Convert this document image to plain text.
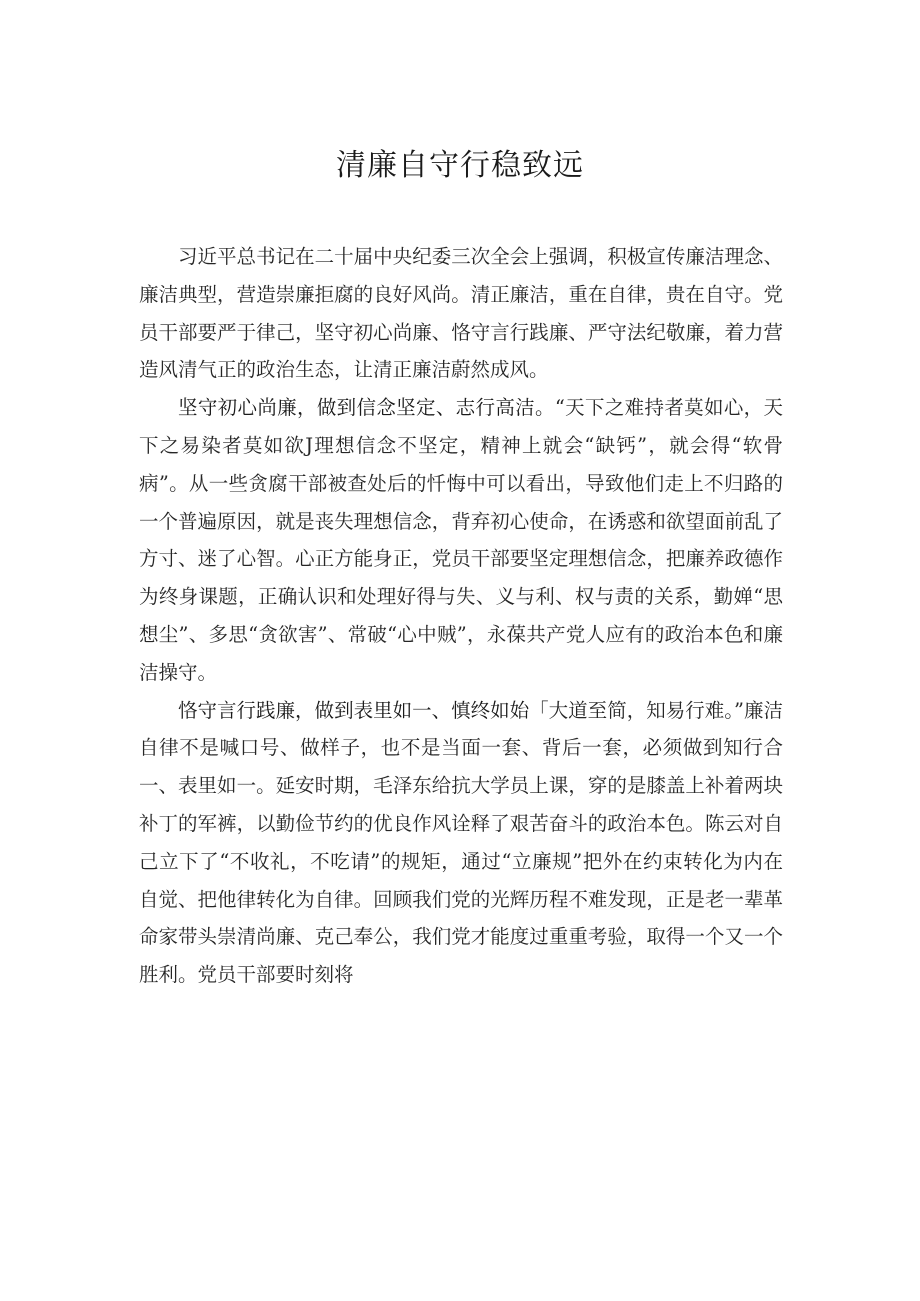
清廉自守行稳致远

习近平总书记在二十届中央纪委三次全会上强调，积极宣传廉洁理念、廉洁典型，营造崇廉拒腐的良好风尚。清正廉洁，重在自律，贵在自守。党员干部要严于律己，坚守初心尚廉、恪守言行践廉、严守法纪敬廉，着力营造风清气正的政治生态，让清正廉洁蔚然成风。

坚守初心尚廉，做到信念坚定、志行高洁。“天下之难持者莫如心，天下之易染者莫如欲J理想信念不坚定，精神上就会“缺钙”，就会得“软骨病”。从一些贪腐干部被查处后的忏悔中可以看出，导致他们走上不归路的一个普遍原因，就是丧失理想信念，背弃初心使命，在诱惑和欲望面前乱了方寸、迷了心智。心正方能身正，党员干部要坚定理想信念，把廉养政德作为终身课题，正确认识和处理好得与失、义与利、权与责的关系，勤婵“思想尘”、多思“贪欲害”、常破“心中贼”，永葆共产党人应有的政治本色和廉洁操守。

恪守言行践廉，做到表里如一、慎终如始「大道至简，知易行难。”廉洁自律不是喊口号、做样子，也不是当面一套、背后一套，必须做到知行合一、表里如一。延安时期，毛泽东给抗大学员上课，穿的是膝盖上补着两块补丁的军裤，以勤俭节约的优良作风诠释了艰苦奋斗的政治本色。陈云对自己立下了“不收礼，不吃请”的规矩，通过“立廉规”把外在约束转化为内在自觉、把他律转化为自律。回顾我们党的光辉历程不难发现，正是老一辈革命家带头崇清尚廉、克己奉公，我们党才能度过重重考验，取得一个又一个胜利。党员干部要时刻将
